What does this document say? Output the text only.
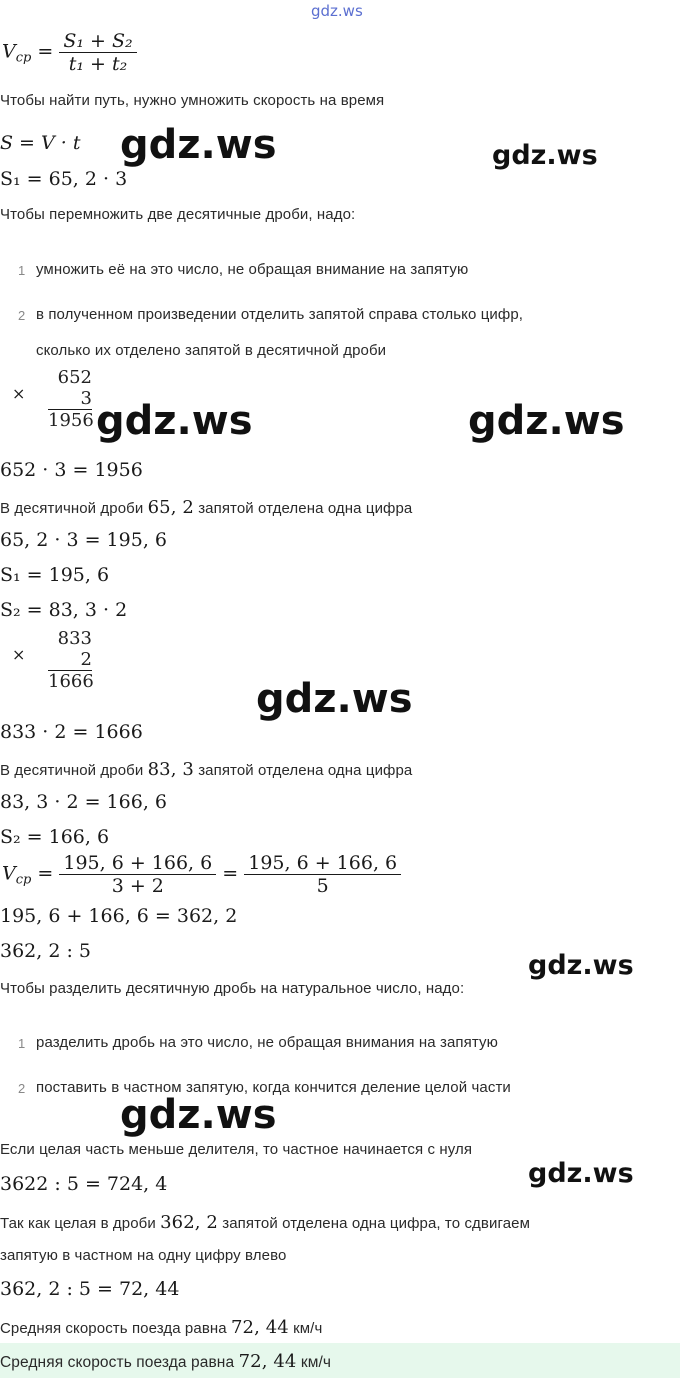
gdz.ws
$V_{cp} = \frac{\text{S₁ + S₂}}{\text{t₁ + t₂}}$
Чтобы найти путь, нужно умножить скорость на время
S = V · t gdz.ws	gdz.ws
S₁ = 65, 2 · 3
Чтобы перемножить две десятичные дроби, надо:
1 умножить её на это число, не обращая внимание на запятую
2 в полученном произведении отделить запятой справа столько цифр,
сколько их отделено запятой в десятичной дроби
×
652
3
1956 gdz.ws	gdz.ws
652 · 3 = 1956
В десятичной дроби 65, 2 запятой отделена одна цифра
65, 2 · 3 = 195, 6
S₁ = 195, 6
S₂ = 83, 3 · 2
×
833
2
1666	gdz.ws
833 · 2 = 1666
В десятичной дроби 83, 3 запятой отделена одна цифра
83, 3 · 2 = 166, 6
S₂ = 166, 6
$V_{cp} = \frac{195, 6 + 166, 6}{3 + 2} = \frac{195, 6 + 166, 6}{5}$
195, 6 + 166, 6 = 362, 2
362, 2 : 5	gdz.ws
Чтобы разделить десятичную дробь на натуральное число, надо:
1 разделить дробь на это число, не обращая внимания на запятую
2 поставить в частном запятую, когда кончится деление целой части
gdz.ws
Если целая часть меньше делителя, то частное начинается с нуля
3622 : 5 = 724, 4	gdz.ws
Так как целая в дроби 362, 2 запятой отделена одна цифра, то сдвигаем
запятую в частном на одну цифру влево
362, 2 : 5 = 72, 44
Средняя скорость поезда равна 72, 44 км/ч
Средняя скорость поезда равна 72, 44 км/ч
